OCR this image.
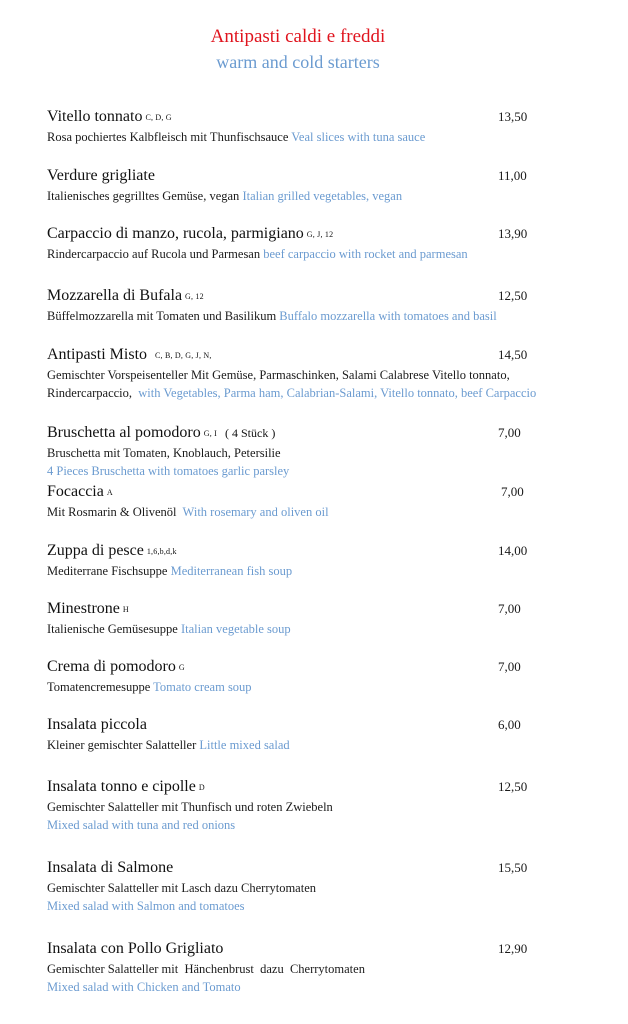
Antipasti caldi e freddi
warm and cold starters
Vitello tonnato C, D, G	13,50
Rosa pochiertes Kalbfleisch mit Thunfischsauce Veal slices with tuna sauce
Verdure grigliate	11,00
Italienisches gegrilltes Gemüse, vegan Italian grilled vegetables, vegan
Carpaccio di manzo, rucola, parmigiano G, J, 12	13,90
Rindercarpaccio auf Rucola und Parmesan beef carpaccio with rocket and parmesan
Mozzarella di Bufala G, 12	12,50
Büffelmozzarella mit Tomaten und Basilikum Buffalo mozzarella with tomatoes and basil
Antipasti Misto C, B, D, G, J, N,	14,50
Gemischter Vorspeisenteller Mit Gemüse, Parmaschinken, Salami Calabrese Vitello tonnato, Rindercarpaccio, with Vegetables, Parma ham, Calabrian-Salami, Vitello tonnato, beef Carpaccio
Bruschetta al pomodoro G, I ( 4 Stück )	7,00
Bruschetta mit Tomaten, Knoblauch, Petersilie
4 Pieces Bruschetta with tomatoes garlic parsley
Focaccia A	7,00
Mit Rosmarin & Olivenöl With rosemary and oliven oil
Zuppa di pesce 1,6,b,d,k	14,00
Mediterrane Fischsuppe Mediterranean fish soup
Minestrone H	7,00
Italienische Gemüsesuppe Italian vegetable soup
Crema di pomodoro G	7,00
Tomatencremesuppe Tomato cream soup
Insalata piccola	6,00
Kleiner gemischter Salatteller Little mixed salad
Insalata tonno e cipolle D	12,50
Gemischter Salatteller mit Thunfisch und roten Zwiebeln
Mixed salad with tuna and red onions
Insalata di Salmone	15,50
Gemischter Salatteller mit Lasch dazu Cherrytomaten
Mixed salad with Salmon and tomatoes
Insalata con Pollo Grigliato	12,90
Gemischter Salatteller mit  Hänchenbrust  dazu  Cherrytomaten
Mixed salad with Chicken and Tomato
